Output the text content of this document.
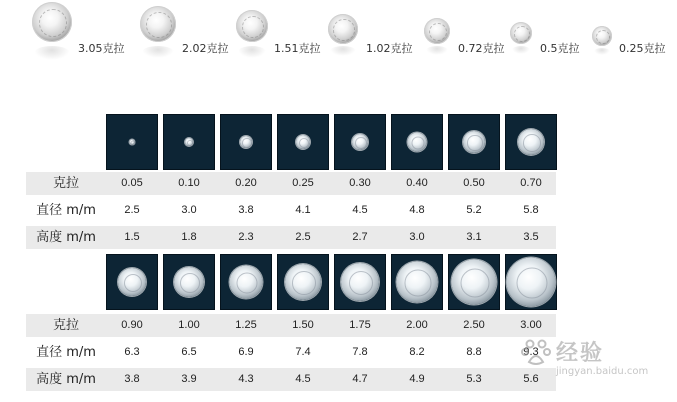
3.05克拉	2.02克拉	1.51克拉	1.02克拉	0.72克拉	0.5克拉	0.25克拉
克拉	0.05	0.10	0.20	0.25	0.30	0.40	0.50	0.70
直径 m/m	2.5	3.0	3.8	4.1	4.5	4.8	5.2	5.8
高度 m/m	1.5	1.8	2.3	2.5	2.7	3.0	3.1	3.5
克拉	0.90	1.00	1.25	1.50	1.75	2.00	2.50	3.00
直径 m/m	6.3	6.5	6.9	7.4	7.8	8.2	8.8	9.3
高度 m/m	3.8	3.9	4.3	4.5	4.7	4.9	5.3	5.6
经验
jingyan.baidu.com
